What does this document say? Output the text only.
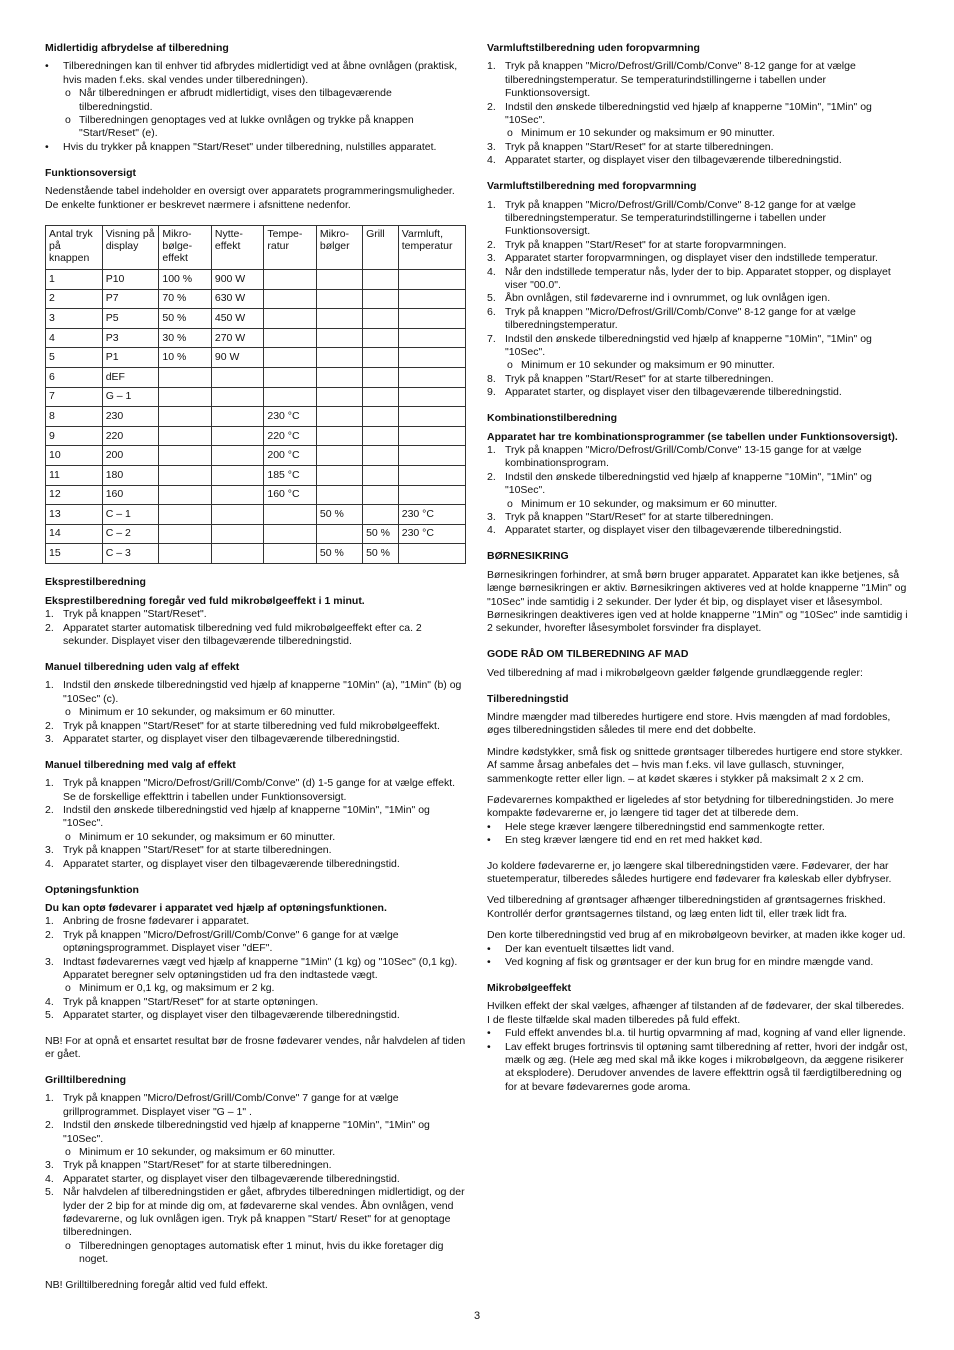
Midlertidig afbrydelse af tilberedning
• Tilberedningen kan til enhver tid afbrydes midlertidigt ved at åbne ovnlågen (praktisk, hvis maden f.eks. skal vendes under tilberedningen).
o Når tilberedningen er afbrudt midlertidigt, vises den tilbageværende tilberedningstid.
o Tilberedningen genoptages ved at lukke ovnlågen og trykke på knappen "Start/Reset" (e).
• Hvis du trykker på knappen "Start/Reset" under tilberedning, nulstilles apparatet.
Funktionsoversigt

Nedenstående tabel indeholder en oversigt over apparatets programmeringsmuligheder. De enkelte funktioner er beskrevet nærmere i afsnittene nedenfor.

Antal tryk på knappen	Visning på display	Mikro-bølge-effekt	Nytte-effekt	Tempe-ratur	Mikro-bølger	Grill	Varmluft, temperatur
1	P10	100 %	900 W				
2	P7	70 %	630 W				
3	P5	50 %	450 W				
4	P3	30 %	270 W				
5	P1	10 %	90 W				
6	dEF						
7	G – 1						
8	230			230 °C			
9	220			220 °C			
10	200			200 °C			
11	180			185 °C			
12	160			160 °C			
13	C – 1				50 %		230 °C
14	C – 2					50 %	230 °C
15	C – 3				50 %	50 %	
Eksprestilberedning
Eksprestilberedning foregår ved fuld mikrobølgeeffekt i 1 minut.
1. Tryk på knappen "Start/Reset".
2. Apparatet starter automatisk tilberedning ved fuld mikrobølgeeffekt efter ca. 2 sekunder. Displayet viser den tilbageværende tilberedningstid.
Manuel tilberedning uden valg af effekt
1. Indstil den ønskede tilberedningstid ved hjælp af knapperne "10Min" (a), "1Min" (b) og "10Sec" (c).
o Minimum er 10 sekunder, og maksimum er 60 minutter.
2. Tryk på knappen "Start/Reset" for at starte tilberedning ved fuld mikrobølgeeffekt.
3. Apparatet starter, og displayet viser den tilbageværende tilberedningstid.
Manuel tilberedning med valg af effekt
1. Tryk på knappen "Micro/Defrost/Grill/Comb/Conve" (d) 1-5 gange for at vælge effekt. Se de forskellige effekttrin i tabellen under Funktionsoversigt.
2. Indstil den ønskede tilberedningstid ved hjælp af knapperne "10Min", "1Min" og "10Sec".
o Minimum er 10 sekunder, og maksimum er 60 minutter.
3. Tryk på knappen "Start/Reset" for at starte tilberedningen.
4. Apparatet starter, og displayet viser den tilbageværende tilberedningstid.
Optøningsfunktion
Du kan optø fødevarer i apparatet ved hjælp af optøningsfunktionen.
1. Anbring de frosne fødevarer i apparatet.
2. Tryk på knappen "Micro/Defrost/Grill/Comb/Conve" 6 gange for at vælge optøningsprogrammet. Displayet viser "dEF".
3. Indtast fødevarernes vægt ved hjælp af knapperne "1Min" (1 kg) og "10Sec" (0,1 kg). Apparatet beregner selv optøningstiden ud fra den indtastede vægt.
o Minimum er 0,1 kg, og maksimum er 2 kg.
4. Tryk på knappen "Start/Reset" for at starte optøningen.
5. Apparatet starter, og displayet viser den tilbageværende tilberedningstid.

NB! For at opnå et ensartet resultat bør de frosne fødevarer vendes, når halvdelen af tiden er gået.

Grilltilberedning
1. Tryk på knappen "Micro/Defrost/Grill/Comb/Conve" 7 gange for at vælge grillprogrammet. Displayet viser "G – 1" .
2. Indstil den ønskede tilberedningstid ved hjælp af knapperne "10Min", "1Min" og "10Sec".
o Minimum er 10 sekunder, og maksimum er 60 minutter.
3. Tryk på knappen "Start/Reset" for at starte tilberedningen.
4. Apparatet starter, og displayet viser den tilbageværende tilberedningstid.
5. Når halvdelen af tilberedningstiden er gået, afbrydes tilberedningen midlertidigt, og der lyder der 2 bip for at minde dig om, at fødevarerne skal vendes. Åbn ovnlågen, vend fødevarerne, og luk ovnlågen igen. Tryk på knappen "Start/ Reset" for at genoptage tilberedningen.
o Tilberedningen genoptages automatisk efter 1 minut, hvis du ikke foretager dig noget.

NB! Grilltilberedning foregår altid ved fuld effekt.

Varmluftstilberedning uden foropvarmning
1. Tryk på knappen "Micro/Defrost/Grill/Comb/Conve" 8-12 gange for at vælge tilberedningstemperatur. Se temperaturindstillingerne i tabellen under Funktionsoversigt.
2. Indstil den ønskede tilberedningstid ved hjælp af knapperne "10Min", "1Min" og "10Sec".
o Minimum er 10 sekunder og maksimum er 90 minutter.
3. Tryk på knappen "Start/Reset" for at starte tilberedningen.
4. Apparatet starter, og displayet viser den tilbageværende tilberedningstid.
Varmluftstilberedning med foropvarmning
1. Tryk på knappen "Micro/Defrost/Grill/Comb/Conve" 8-12 gange for at vælge tilberedningstemperatur. Se temperaturindstillingerne i tabellen under Funktionsoversigt.
2. Tryk på knappen "Start/Reset" for at starte foropvarmningen.
3. Apparatet starter foropvarmningen, og displayet viser den indstillede temperatur.
4. Når den indstillede temperatur nås, lyder der to bip. Apparatet stopper, og displayet viser "00.0".
5. Åbn ovnlågen, stil fødevarerne ind i ovnrummet, og luk ovnlågen igen.
6. Tryk på knappen "Micro/Defrost/Grill/Comb/Conve" 8-12 gange for at vælge tilberedningstemperatur.
7. Indstil den ønskede tilberedningstid ved hjælp af knapperne "10Min", "1Min" og "10Sec".
o Minimum er 10 sekunder og maksimum er 90 minutter.
8. Tryk på knappen "Start/Reset" for at starte tilberedningen.
9. Apparatet starter, og displayet viser den tilbageværende tilberedningstid.
Kombinationstilberedning
Apparatet har tre kombinationsprogrammer (se tabellen under Funktionsoversigt).
1. Tryk på knappen "Micro/Defrost/Grill/Comb/Conve" 13-15 gange for at vælge kombinationsprogram.
2. Indstil den ønskede tilberedningstid ved hjælp af knapperne "10Min", "1Min" og "10Sec".
o Minimum er 10 sekunder, og maksimum er 60 minutter.
3. Tryk på knappen "Start/Reset" for at starte tilberedningen.
4. Apparatet starter, og displayet viser den tilbageværende tilberedningstid.
BØRNESIKRING

Børnesikringen forhindrer, at små børn bruger apparatet. Apparatet kan ikke betjenes, så længe børnesikringen er aktiv. Børnesikringen aktiveres ved at holde knapperne "1Min" og "10Sec" inde samtidig i 2 sekunder. Der lyder ét bip, og displayet viser et låsesymbol. Børnesikringen deaktiveres igen ved at holde knapperne "1Min" og "10Sec" inde samtidig i 2 sekunder, hvorefter låsesymbolet forsvinder fra displayet.

GODE RÅD OM TILBEREDNING AF MAD

Ved tilberedning af mad i mikrobølgeovn gælder følgende grundlæggende regler:

Tilberedningstid

Mindre mængder mad tilberedes hurtigere end store. Hvis mængden af mad fordobles, øges tilberedningstiden således til mere end det dobbelte.

Mindre kødstykker, små fisk og snittede grøntsager tilberedes hurtigere end store stykker. Af samme årsag anbefales det – hvis man f.eks. vil lave gullasch, stuvninger, sammenkogte retter eller lign. – at kødet skæres i stykker på maksimalt 2 x 2 cm.

Fødevarernes kompakthed er ligeledes af stor betydning for tilberedningstiden. Jo mere kompakte fødevarerne er, jo længere tid tager det at tilberede dem.

• Hele stege kræver længere tilberedningstid end sammenkogte retter.
• En steg kræver længere tid end en ret med hakket kød.

Jo koldere fødevarerne er, jo længere skal tilberedningstiden være. Fødevarer, der har stuetemperatur, tilberedes således hurtigere end fødevarer fra køleskab eller dybfryser.

Ved tilberedning af grøntsager afhænger tilberedningstiden af grøntsagernes friskhed. Kontrollér derfor grøntsagernes tilstand, og læg enten lidt til, eller træk lidt fra.

Den korte tilberedningstid ved brug af en mikrobølgeovn bevirker, at maden ikke koger ud.

• Der kan eventuelt tilsættes lidt vand.
• Ved kogning af fisk og grøntsager er der kun brug for en mindre mængde vand.
Mikrobølgeeffekt

Hvilken effekt der skal vælges, afhænger af tilstanden af de fødevarer, der skal tilberedes.

I de fleste tilfælde skal maden tilberedes på fuld effekt.

• Fuld effekt anvendes bl.a. til hurtig opvarmning af mad, kogning af vand eller lignende.
• Lav effekt bruges fortrinsvis til optøning samt tilberedning af retter, hvori der indgår ost, mælk og æg. (Hele æg med skal må ikke koges i mikrobølgeovn, da æggene risikerer at eksplodere). Derudover anvendes de lavere effekttrin også til færdigtilberedning og for at bevare fødevarernes gode aroma.
3
